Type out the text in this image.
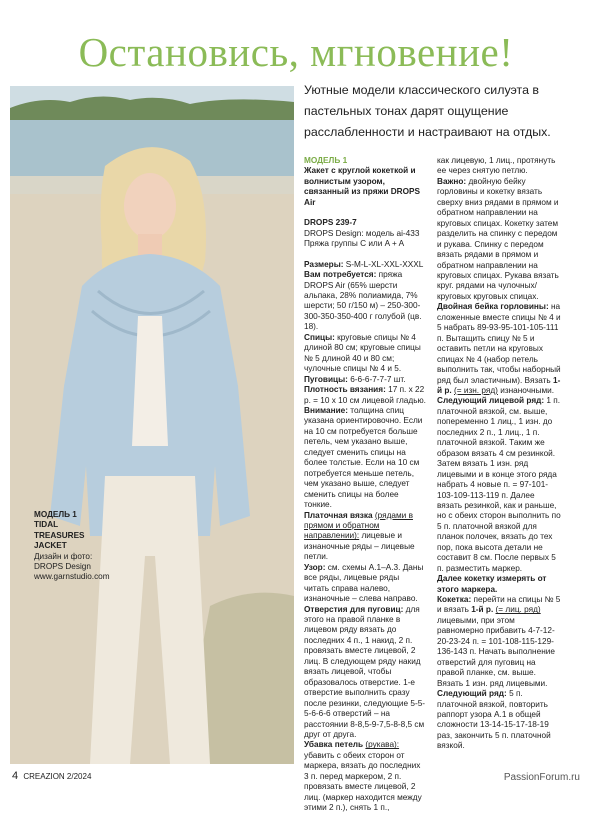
Остановись, мгновение!
МОДЕЛЬ 1
TIDAL
TREASURES
JACKET
Дизайн и фото:
DROPS Design
www.garnstudio.com
Уютные модели классического силуэта в пастельных тонах дарят ощущение расслабленности и настраивают на отдых.

МОДЕЛЬ 1

Жакет с круглой кокеткой и волнистым узором, связанный из пряжи DROPS Air

DROPS 239-7

DROPS Design: модель ai-433

Пряжа группы C или A + A

Размеры: S-M-L-XL-XXL-XXXL

Вам потребуется: пряжа DROPS Air (65% шерсти альпака, 28% полиамида, 7% шерсти; 50 г/150 м) – 250-300-300-350-350-400 г голубой (цв. 18).

Спицы: круговые спицы № 4 длиной 80 см; круговые спицы № 5 длиной 40 и 80 см; чулочные спицы № 4 и 5.

Пуговицы: 6-6-6-7-7-7 шт.

Плотность вязания: 17 п. x 22 р. = 10 x 10 см лицевой гладью.

Внимание: толщина спиц указана ориентировочно. Если на 10 см потребуется больше петель, чем указано выше, следует сменить спицы на более толстые. Если на 10 см потребуется меньше петель, чем указано выше, следует сменить спицы на более тонкие.

Платочная вязка (рядами в прямом и обратном направлении): лицевые и изнаночные ряды – лицевые петли.

Узор: см. схемы A.1–A.3. Даны все ряды, лицевые ряды читать справа налево, изнаночные – слева направо.

Отверстия для пуговиц: для этого на правой планке в лицевом ряду вязать до последних 4 п., 1 накид, 2 п. провязать вместе лицевой, 2 лиц. В следующем ряду накид вязать лицевой, чтобы образовалось отверстие. 1-е отверстие выполнить сразу после резинки, следующие 5-5-5-6-6-6 отверстий – на расстоянии 8-8,5-9-7,5-8-8,5 см друг от друга.

Убавка петель (рукава): убавить с обеих сторон от маркера, вязать до последних 3 п. перед маркером, 2 п. провязать вместе лицевой, 2 лиц. (маркер находится между этими 2 п.), снять 1 п.,

как лицевую, 1 лиц., протянуть ее через снятую петлю.

Важно: двойную бейку горловины и кокетку вязать сверху вниз рядами в прямом и обратном направлении на круговых спицах. Кокетку затем разделить на спинку с передом и рукава. Спинку с передом вязать рядами в прямом и обратном направлении на круговых спицах. Рукава вязать круг. рядами на чулочных/круговых круговых спицах.

Двойная бейка горловины: на сложенные вместе спицы № 4 и 5 набрать 89-93-95-101-105-111 п. Вытащить спицу № 5 и оставить петли на круговых спицах № 4 (набор петель выполнить так, чтобы наборный ряд был эластичным). Вязать 1-й р. (= изн. ряд) изнаночными.

Следующий лицевой ряд: 1 п. платочной вязкой, см. выше, попеременно 1 лиц., 1 изн. до последних 2 п., 1 лиц., 1 п. платочной вязкой. Таким же образом вязать 4 см резинкой. Затем вязать 1 изн. ряд лицевыми и в конце этого ряда набрать 4 новые п. = 97-101-103-109-113-119 п. Далее вязать резинкой, как и раньше, но с обеих сторон выполнить по 5 п. платочной вязкой для планок полочек, вязать до тех пор, пока высота детали не составит 8 см. После первых 5 п. разместить маркер.

Далее кокетку измерять от этого маркера.

Кокетка: перейти на спицы № 5 и вязать 1-й р. (= лиц. ряд) лицевыми, при этом равномерно прибавить 4-7-12-20-23-24 п. = 101-108-115-129-136-143 п. Начать выполнение отверстий для пуговиц на правой планке, см. выше. Вязать 1 изн. ряд лицевыми.

Следующий ряд: 5 п. платочной вязкой, повторить раппорт узора A.1 в общей сложности 13-14-15-17-18-19 раз, закончить 5 п. платочной вязкой.

4 CREAZION 2/2024	PassionForum.ru
